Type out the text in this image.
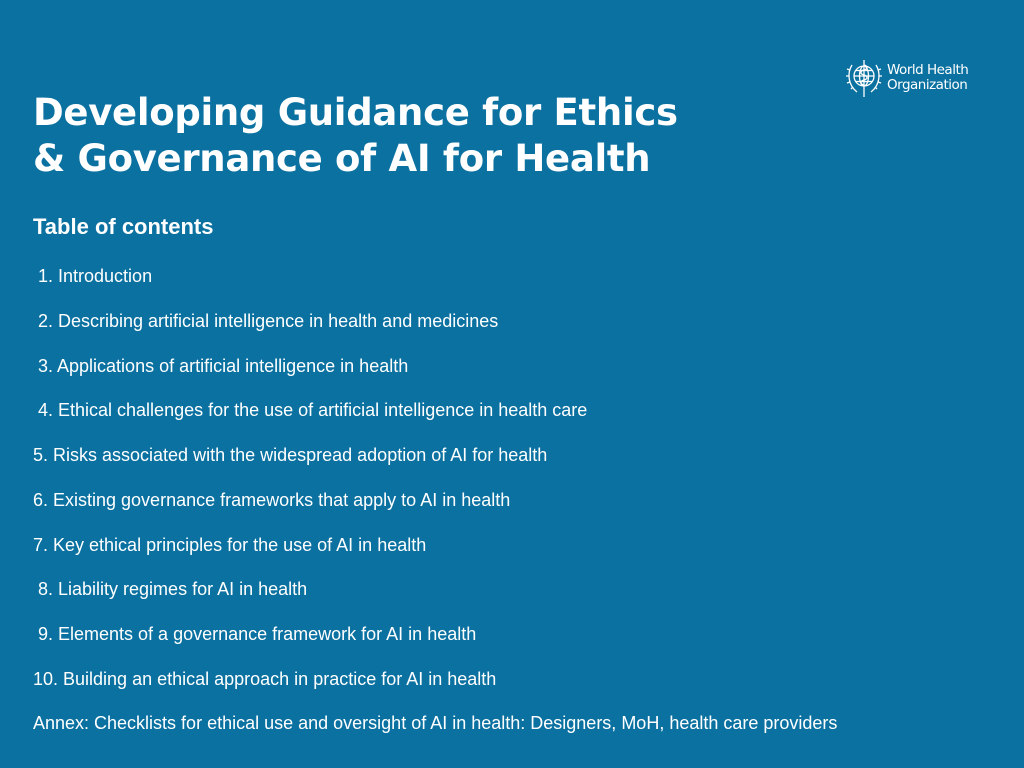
World Health
Organization
Developing Guidance for Ethics
& Governance of AI for Health
Table of contents
1. Introduction
2. Describing artificial intelligence in health and medicines
3. Applications of artificial intelligence in health
4. Ethical challenges for the use of artificial intelligence in health care
5. Risks associated with the widespread adoption of AI for health
6. Existing governance frameworks that apply to AI in health
7. Key ethical principles for the use of AI in health
8. Liability regimes for AI in health
9. Elements of a governance framework for AI in health
10. Building an ethical approach in practice for AI in health
Annex: Checklists for ethical use and oversight of AI in health: Designers, MoH, health care providers
